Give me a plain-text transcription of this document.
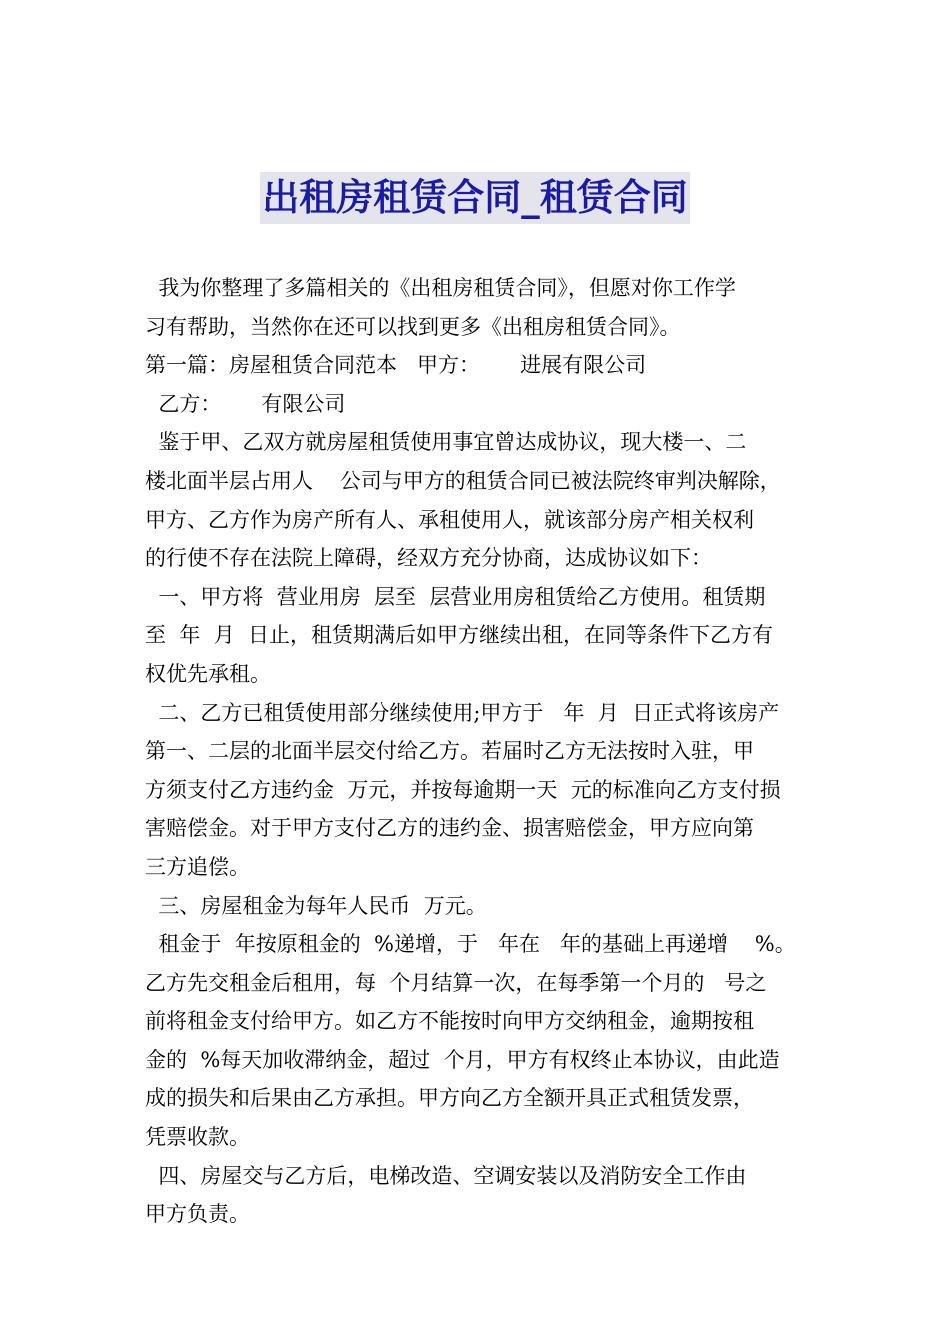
出租房租赁合同_租赁合同
我为你整理了多篇相关的《出租房租赁合同》，但愿对你工作学
习有帮助，当然你在还可以找到更多《出租房租赁合同》。
第一篇：房屋租赁合同范本   甲方：      进展有限公司
乙方：      有限公司
鉴于甲、乙双方就房屋租赁使用事宜曾达成协议，现大楼一、二
楼北面半层占用人    公司与甲方的租赁合同已被法院终审判决解除，
甲方、乙方作为房产所有人、承租使用人，就该部分房产相关权利
的行使不存在法院上障碍，经双方充分协商，达成协议如下：
一、甲方将  营业用房  层至  层营业用房租赁给乙方使用。租赁期
至  年  月  日止，租赁期满后如甲方继续出租，在同等条件下乙方有
权优先承租。
二、乙方已租赁使用部分继续使用;甲方于   年  月  日正式将该房产
第一、二层的北面半层交付给乙方。若届时乙方无法按时入驻，甲
方须支付乙方违约金  万元，并按每逾期一天  元的标准向乙方支付损
害赔偿金。对于甲方支付乙方的违约金、损害赔偿金，甲方应向第
三方追偿。
三、房屋租金为每年人民币  万元。
租金于  年按原租金的  %递增，于   年在   年的基础上再递增    %。
乙方先交租金后租用，每  个月结算一次，在每季第一个月的   号之
前将租金支付给甲方。如乙方不能按时向甲方交纳租金，逾期按租
金的  %每天加收滞纳金，超过  个月，甲方有权终止本协议，由此造
成的损失和后果由乙方承担。甲方向乙方全额开具正式租赁发票，
凭票收款。
四、房屋交与乙方后，电梯改造、空调安装以及消防安全工作由
甲方负责。
